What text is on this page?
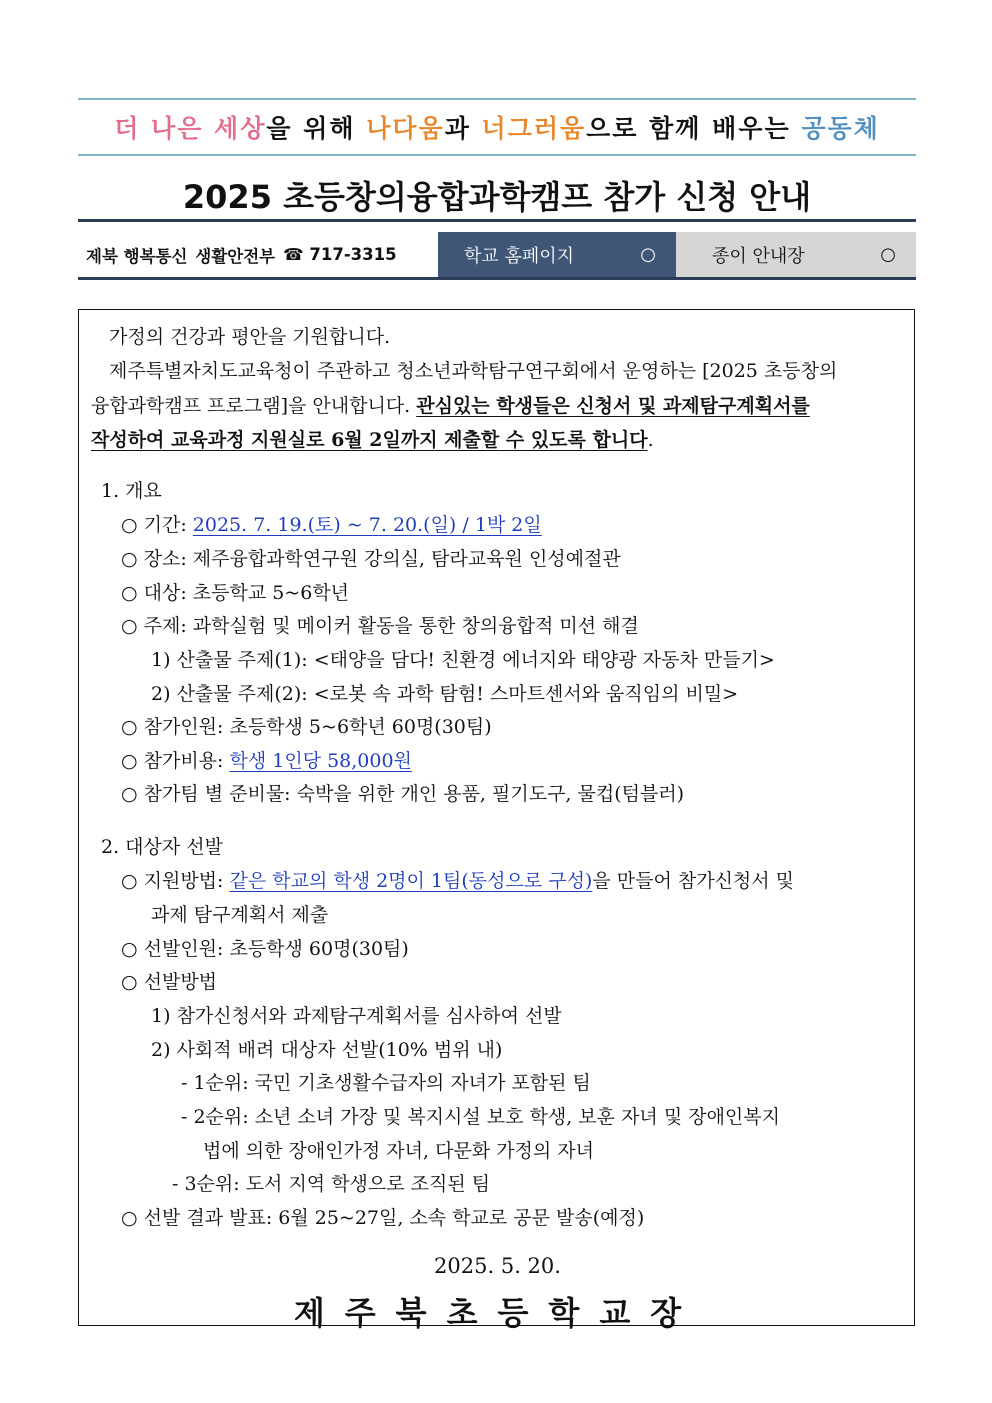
더 나은 세상을 위해 나다움과 너그러움으로 함께 배우는 공동체
2025 초등창의융합과학캠프 참가 신청 안내
제북 행복통신 생활안전부 ☎ 717-3315	학교 홈페이지	○	종이 안내장	○
가정의 건강과 평안을 기원합니다.
제주특별자치도교육청이 주관하고 청소년과학탐구연구회에서 운영하는 [2025 초등창의
융합과학캠프 프로그램]을 안내합니다. 관심있는 학생들은 신청서 및 과제탐구계획서를
작성하여 교육과정 지원실로 6월 2일까지 제출할 수 있도록 합니다.
1. 개요
○ 기간: 2025. 7. 19.(토) ~ 7. 20.(일) / 1박 2일
○ 장소: 제주융합과학연구원 강의실, 탐라교육원 인성예절관
○ 대상: 초등학교 5~6학년
○ 주제: 과학실험 및 메이커 활동을 통한 창의융합적 미션 해결
1) 산출물 주제(1): <태양을 담다! 친환경 에너지와 태양광 자동차 만들기>
2) 산출물 주제(2): <로봇 속 과학 탐험! 스마트센서와 움직임의 비밀>
○ 참가인원: 초등학생 5~6학년 60명(30팀)
○ 참가비용: 학생 1인당 58,000원
○ 참가팀 별 준비물: 숙박을 위한 개인 용품, 필기도구, 물컵(텀블러)
2. 대상자 선발
○ 지원방법: 같은 학교의 학생 2명이 1팀(동성으로 구성)을 만들어 참가신청서 및
과제 탐구계획서 제출
○ 선발인원: 초등학생 60명(30팀)
○ 선발방법
1) 참가신청서와 과제탐구계획서를 심사하여 선발
2) 사회적 배려 대상자 선발(10% 범위 내)
- 1순위: 국민 기초생활수급자의 자녀가 포함된 팀
- 2순위: 소년 소녀 가장 및 복지시설 보호 학생, 보훈 자녀 및 장애인복지
법에 의한 장애인가정 자녀, 다문화 가정의 자녀
- 3순위: 도서 지역 학생으로 조직된 팀
○ 선발 결과 발표: 6월 25~27일, 소속 학교로 공문 발송(예정)
2025. 5. 20.
제주북초등학교장
